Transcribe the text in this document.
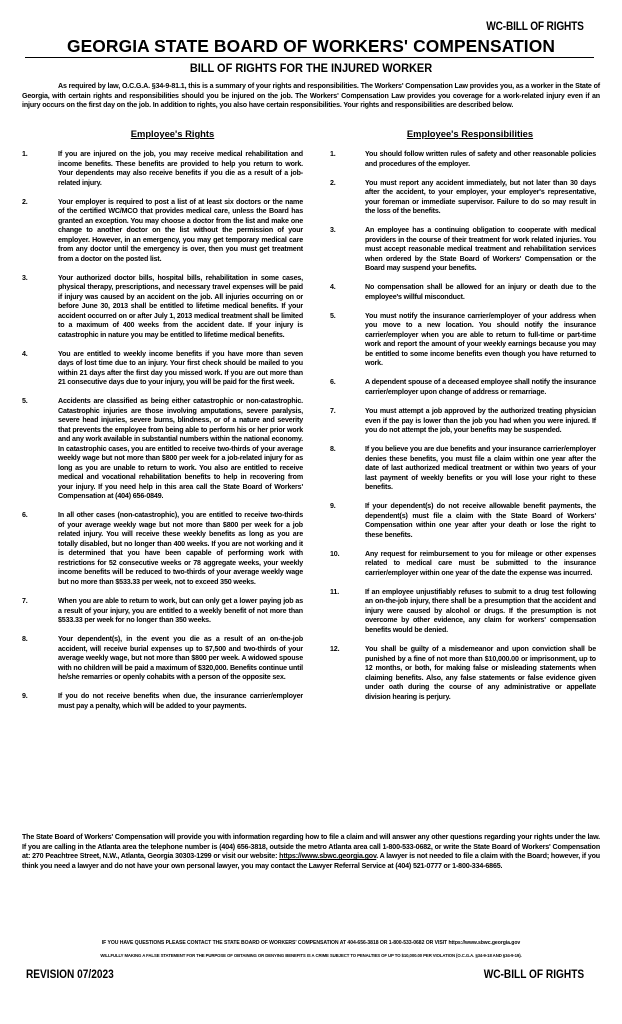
WC-BILL OF RIGHTS
GEORGIA STATE BOARD OF WORKERS' COMPENSATION
BILL OF RIGHTS FOR THE INJURED WORKER

As required by law, O.C.G.A. §34-9-81.1, this is a summary of your rights and responsibilities. The Workers' Compensation Law provides you, as a worker in the State of Georgia, with certain rights and responsibilities should you be injured on the job. The Workers' Compensation Law provides you coverage for a work-related injury even if an injury occurs on the first day on the job. In addition to rights, you also have certain responsibilities. Your rights and responsibilities are described below.

Employee's Rights
1.	If you are injured on the job, you may receive medical rehabilitation and income benefits. These benefits are provided to help you return to work. Your dependents may also receive benefits if you die as a result of a job-related injury.
2.	Your employer is required to post a list of at least six doctors or the name of the certified WC/MCO that provides medical care, unless the Board has granted an exception. You may choose a doctor from the list and make one change to another doctor on the list without the permission of your employer. However, in an emergency, you may get temporary medical care from any doctor until the emergency is over, then you must get treatment from a doctor on the posted list.
3.	Your authorized doctor bills, hospital bills, rehabilitation in some cases, physical therapy, prescriptions, and necessary travel expenses will be paid if injury was caused by an accident on the job. All injuries occurring on or before June 30, 2013 shall be entitled to lifetime medical benefits. If your accident occurred on or after July 1, 2013 medical treatment shall be limited to a maximum of 400 weeks from the accident date. If your injury is catastrophic in nature you may be entitled to lifetime medical benefits.
4.	You are entitled to weekly income benefits if you have more than seven days of lost time due to an injury. Your first check should be mailed to you within 21 days after the first day you missed work. If you are out more than 21 consecutive days due to your injury, you will be paid for the first week.
5.	Accidents are classified as being either catastrophic or non-catastrophic. Catastrophic injuries are those involving amputations, severe paralysis, severe head injuries, severe burns, blindness, or of a nature and severity that prevents the employee from being able to perform his or her prior work and any work available in substantial numbers within the national economy. In catastrophic cases, you are entitled to receive two-thirds of your average weekly wage but not more than $800 per week for a job-related injury for as long as you are unable to return to work. You also are entitled to receive medical and vocational rehabilitation benefits to help in recovering from your injury. If you need help in this area call the State Board of Workers' Compensation at (404) 656-0849.
6.	In all other cases (non-catastrophic), you are entitled to receive two-thirds of your average weekly wage but not more than $800 per week for a job related injury. You will receive these weekly benefits as long as you are totally disabled, but no longer than 400 weeks. If you are not working and it is determined that you have been capable of performing work with restrictions for 52 consecutive weeks or 78 aggregate weeks, your weekly income benefits will be reduced to two-thirds of your average weekly wage but no more than $533.33 per week, not to exceed 350 weeks.
7.	When you are able to return to work, but can only get a lower paying job as a result of your injury, you are entitled to a weekly benefit of not more than $533.33 per week for no longer than 350 weeks.
8.	Your dependent(s), in the event you die as a result of an on-the-job accident, will receive burial expenses up to $7,500 and two-thirds of your average weekly wage, but not more than $800 per week. A widowed spouse with no children will be paid a maximum of $320,000. Benefits continue until he/she remarries or openly cohabits with a person of the opposite sex.
9.	If you do not receive benefits when due, the insurance carrier/employer must pay a penalty, which will be added to your payments.
Employee's Responsibilities
1.	You should follow written rules of safety and other reasonable policies and procedures of the employer.
2.	You must report any accident immediately, but not later than 30 days after the accident, to your employer, your employer's representative, your foreman or immediate supervisor. Failure to do so may result in the loss of the benefits.
3.	An employee has a continuing obligation to cooperate with medical providers in the course of their treatment for work related injuries. You must accept reasonable medical treatment and rehabilitation services when ordered by the State Board of Workers' Compensation or the Board may suspend your benefits.
4.	No compensation shall be allowed for an injury or death due to the employee's willful misconduct.
5.	You must notify the insurance carrier/employer of your address when you move to a new location. You should notify the insurance carrier/employer when you are able to return to full-time or part-time work and report the amount of your weekly earnings because you may be entitled to some income benefits even though you have returned to work.
6.	A dependent spouse of a deceased employee shall notify the insurance carrier/employer upon change of address or remarriage.
7.	You must attempt a job approved by the authorized treating physician even if the pay is lower than the job you had when you were injured. If you do not attempt the job, your benefits may be suspended.
8.	If you believe you are due benefits and your insurance carrier/employer denies these benefits, you must file a claim within one year after the date of last authorized medical treatment or within two years of your last payment of weekly benefits or you will lose your right to these benefits.
9.	If your dependent(s) do not receive allowable benefit payments, the dependent(s) must file a claim with the State Board of Workers' Compensation within one year after your death or lose the right to these benefits.
10.	Any request for reimbursement to you for mileage or other expenses related to medical care must be submitted to the insurance carrier/employer within one year of the date the expense was incurred.
11.	If an employee unjustifiably refuses to submit to a drug test following an on-the-job injury, there shall be a presumption that the accident and injury were caused by alcohol or drugs. If the presumption is not overcome by other evidence, any claim for workers' compensation benefits would be denied.
12.	You shall be guilty of a misdemeanor and upon conviction shall be punished by a fine of not more than $10,000.00 or imprisonment, up to 12 months, or both, for making false or misleading statements when claiming benefits. Also, any false statements or false evidence given under oath during the course of any administrative or appellate division hearing is perjury.

The State Board of Workers' Compensation will provide you with information regarding how to file a claim and will answer any other questions regarding your rights under the law. If you are calling in the Atlanta area the telephone number is (404) 656-3818, outside the metro Atlanta area call 1-800-533-0682, or write the State Board of Workers' Compensation at: 270 Peachtree Street, N.W., Atlanta, Georgia 30303-1299 or visit our website: https://www.sbwc.georgia.gov. A lawyer is not needed to file a claim with the Board; however, if you think you need a lawyer and do not have your own personal lawyer, you may contact the Lawyer Referral Service at (404) 521-0777 or 1-800-334-6865.

IF YOU HAVE QUESTIONS PLEASE CONTACT THE STATE BOARD OF WORKERS' COMPENSATION AT 404-656-3818 OR 1-800-533-0682 OR VISIT https://www.sbwc.georgia.gov
WILLFULLY MAKING A FALSE STATEMENT FOR THE PURPOSE OF OBTAINING OR DENYING BENEFITS IS A CRIME SUBJECT TO PENALTIES OF UP TO $10,000.00 PER VIOLATION (O.C.G.A. §34-9-18 AND §34-9-19).
REVISION 07/2023	WC-BILL OF RIGHTS
